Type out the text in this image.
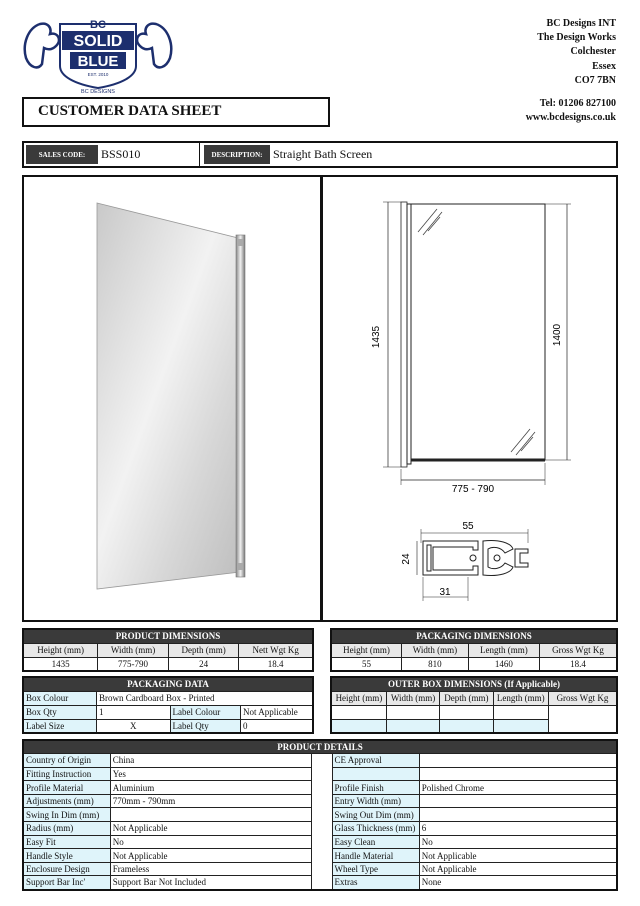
BC
SOLID
BLUE
EST. 2010
BC DESIGNS
BC Designs INT
The Design Works
Colchester
Essex
CO7 7BN
Tel: 01206 827100
www.bcdesigns.co.uk
CUSTOMER DATA SHEET
SALES CODE:	BSS010	DESCRIPTION: Straight Bath Screen
1435	1400
775 - 790
55
24
31
PRODUCT DIMENSIONS			
Height (mm)	Width (mm)	Depth (mm)	Nett Wgt Kg
1435	775-790	24	18.4
PACKAGING DIMENSIONS			
Height (mm)	Width (mm)	Length (mm)	Gross Wgt Kg
55	810	1460	18.4
PACKAGING DATA			
Box Colour	Brown Cardboard Box - Printed		
Box Qty	1	Label Colour	Not Applicable
Label Size	X	Label Qty	0
OUTER BOX DIMENSIONS (If Applicable)				
Height (mm)	Width (mm)	Depth (mm)	Length (mm)	Gross Wgt Kg

PRODUCT DETAILS				
Country of Origin	China		CE Approval	
Fitting Instruction	Yes			
Profile Material	Aluminium		Profile Finish	Polished Chrome
Adjustments (mm)	770mm - 790mm		Entry Width (mm)	
Swing In Dim (mm)			Swing Out Dim (mm)	
Radius (mm)	Not Applicable		Glass Thickness (mm)	6
Easy Fit	No		Easy Clean	No
Handle Style	Not Applicable		Handle Material	Not Applicable
Enclosure Design	Frameless		Wheel Type	Not Applicable
Support Bar Inc'	Support Bar Not Included		Extras	None
